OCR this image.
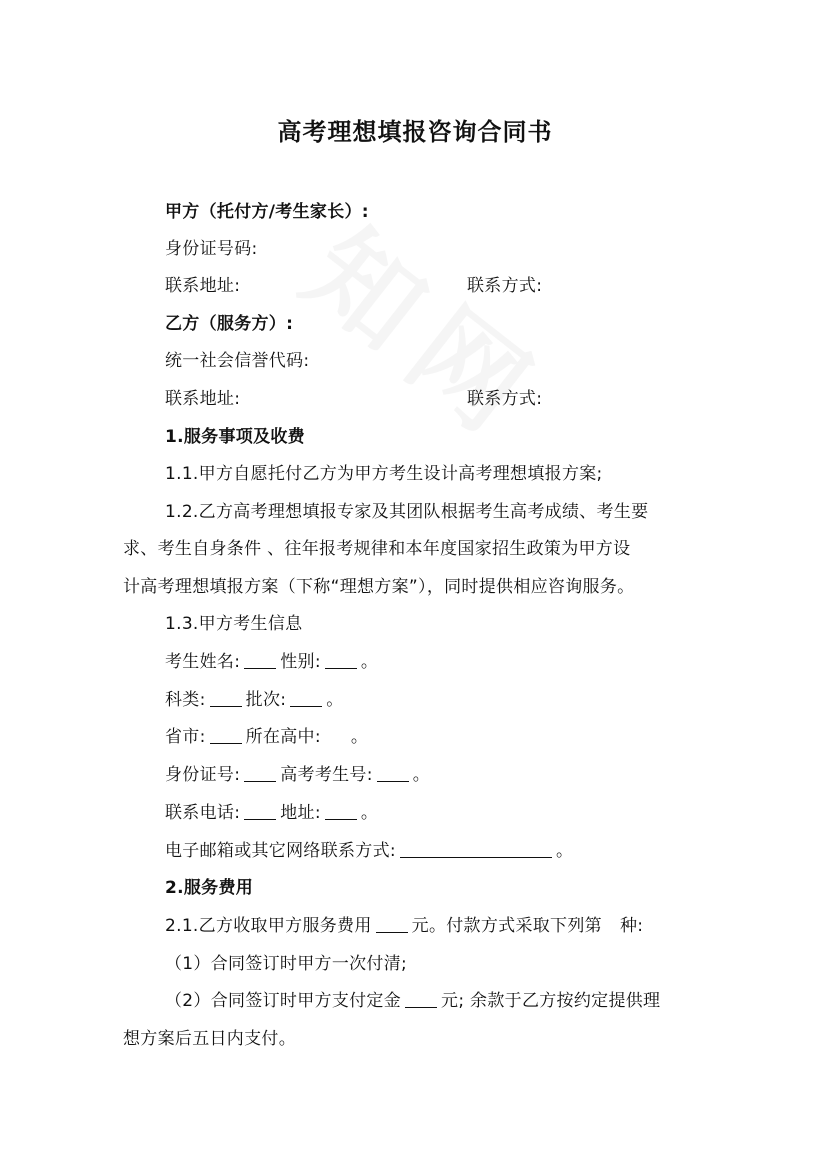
高考理想填报咨询合同书
甲方（托付方/考生家长）:
身份证号码:
联系地址:	联系方式:
乙方（服务方）:
统一社会信誉代码:
联系地址:	联系方式:
1.服务事项及收费
1.1.甲方自愿托付乙方为甲方考生设计高考理想填报方案;
1.2.乙方高考理想填报专家及其团队根据考生高考成绩、考生要
求、考生自身条件 、往年报考规律和本年度国家招生政策为甲方设
计高考理想填报方案（下称“理想方案”），同时提供相应咨询服务。
1.3.甲方考生信息
考生姓名: 性别: 。
科类: 批次: 。
省市: 所在高中: 。
身份证号: 高考考生号: 。
联系电话: 地址: 。
电子邮箱或其它网络联系方式:	。
2.服务费用
2.1.乙方收取甲方服务费用 元。付款方式采取下列第 种:
（1）合同签订时甲方一次付清;
（2）合同签订时甲方支付定金 元; 余款于乙方按约定提供理
想方案后五日内支付。
